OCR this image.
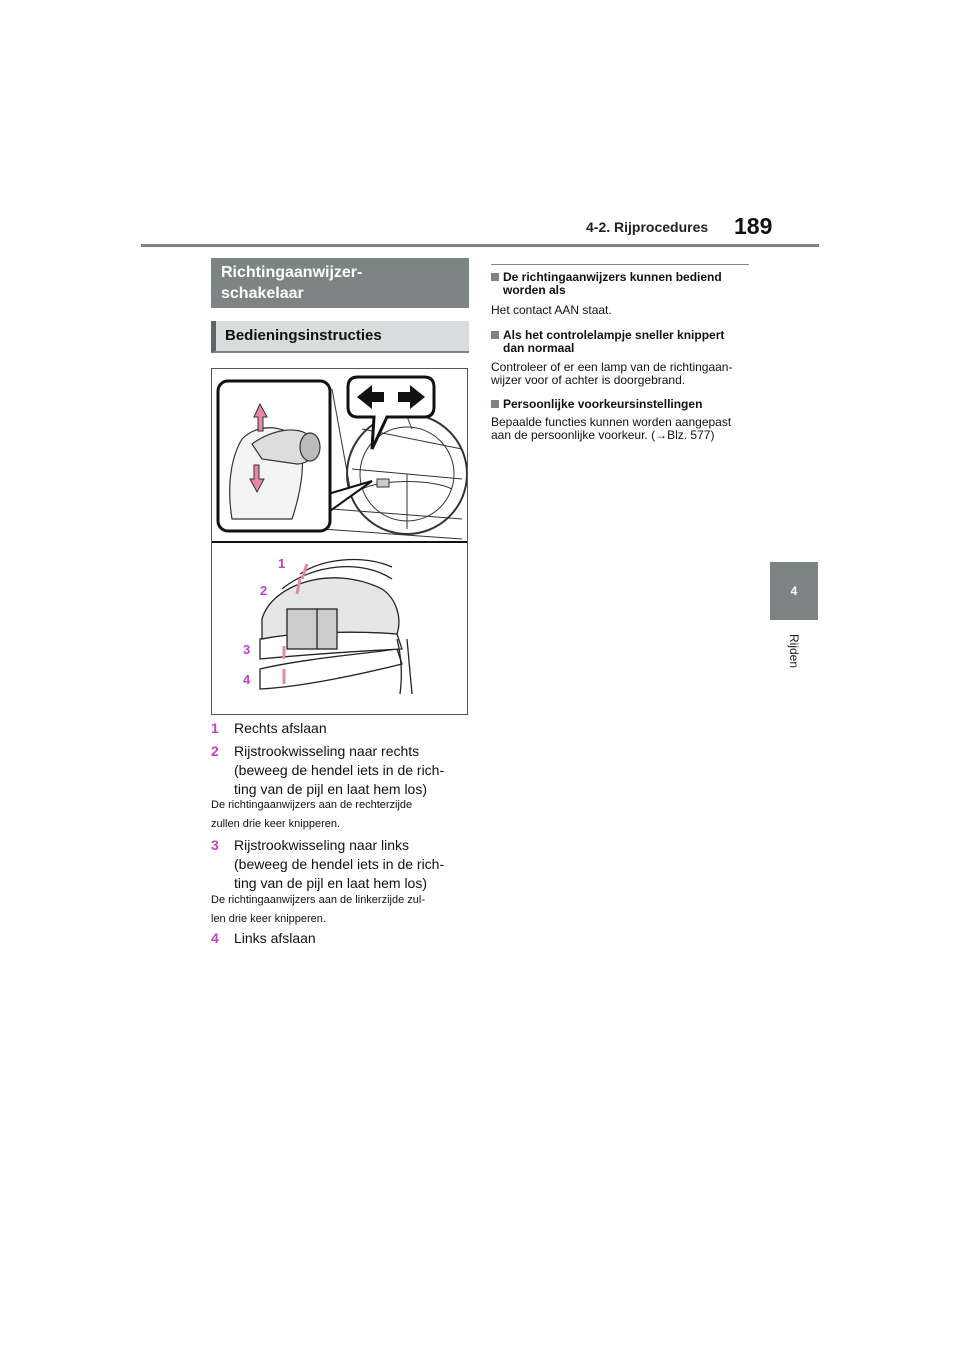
4-2. Rijprocedures 189
4
Rijden
Richtingaanwijzer-
schakelaar
Bedieningsinstructies
1
2
3
4
1 Rechts afslaan
2 Rijstrookwisseling naar rechts
(beweeg de hendel iets in de rich-
ting van de pijl en laat hem los)
De richtingaanwijzers aan de rechterzijde
zullen drie keer knipperen.
3 Rijstrookwisseling naar links
(beweeg de hendel iets in de rich-
ting van de pijl en laat hem los)
De richtingaanwijzers aan de linkerzijde zul-
len drie keer knipperen.
4 Links afslaan
De richtingaanwijzers kunnen bediend
worden als
Het contact AAN staat.
Als het controlelampje sneller knippert
dan normaal
Controleer of er een lamp van de richtingaan-
wijzer voor of achter is doorgebrand.
Persoonlijke voorkeursinstellingen
Bepaalde functies kunnen worden aangepast
aan de persoonlijke voorkeur. (→Blz. 577)
